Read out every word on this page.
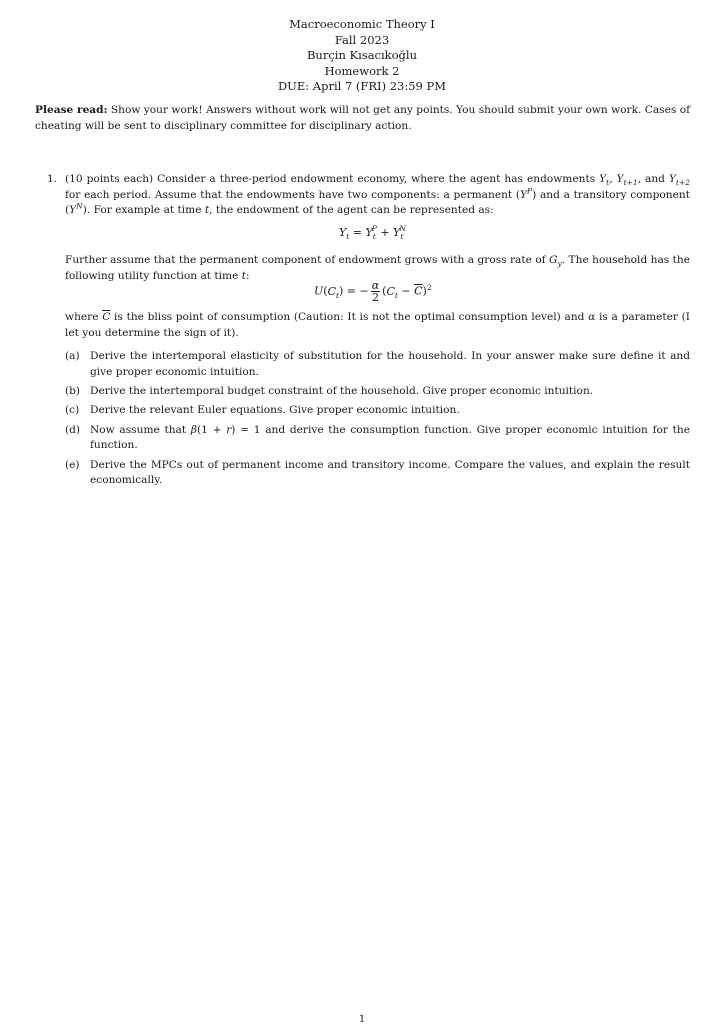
Macroeconomic Theory I
Fall 2023
Burçin Kısacıkoğlu
Homework 2
DUE: April 7 (FRI) 23:59 PM
Please read: Show your work! Answers without work will not get any points. You should submit your own work. Cases of cheating will be sent to disciplinary committee for disciplinary action.
1. (10 points each) Consider a three-period endowment economy, where the agent has endowments $Y_t$, $Y_{t+1}$, and $Y_{t+2}$ for each period. Assume that the endowments have two components: a permanent $(Y^P)$ and a transitory component $(Y^N)$. For example at time t, the endowment of the agent can be represented as:
$Y_t = Y_t^P + Y_t^N$
Further assume that the permanent component of endowment grows with a gross rate of $G_y$. The household has the following utility function at time t:
$U(C_t)$ = − $\frac{\alpha}{2} (C_t - \overline{C})^2$
where $\overline{C}$ is the bliss point of consumption (Caution: It is not the optimal consumption level) and α is a parameter (I let you determine the sign of it).
(a) Derive the intertemporal elasticity of substitution for the household. In your answer make sure define it and give proper economic intuition.
(b) Derive the intertemporal budget constraint of the household. Give proper economic intuition.
(c) Derive the relevant Euler equations. Give proper economic intuition.
(d) Now assume that β(1 + r) = 1 and derive the consumption function. Give proper economic intuition for the function.
(e) Derive the MPCs out of permanent income and transitory income. Compare the values, and explain the result economically.
1
